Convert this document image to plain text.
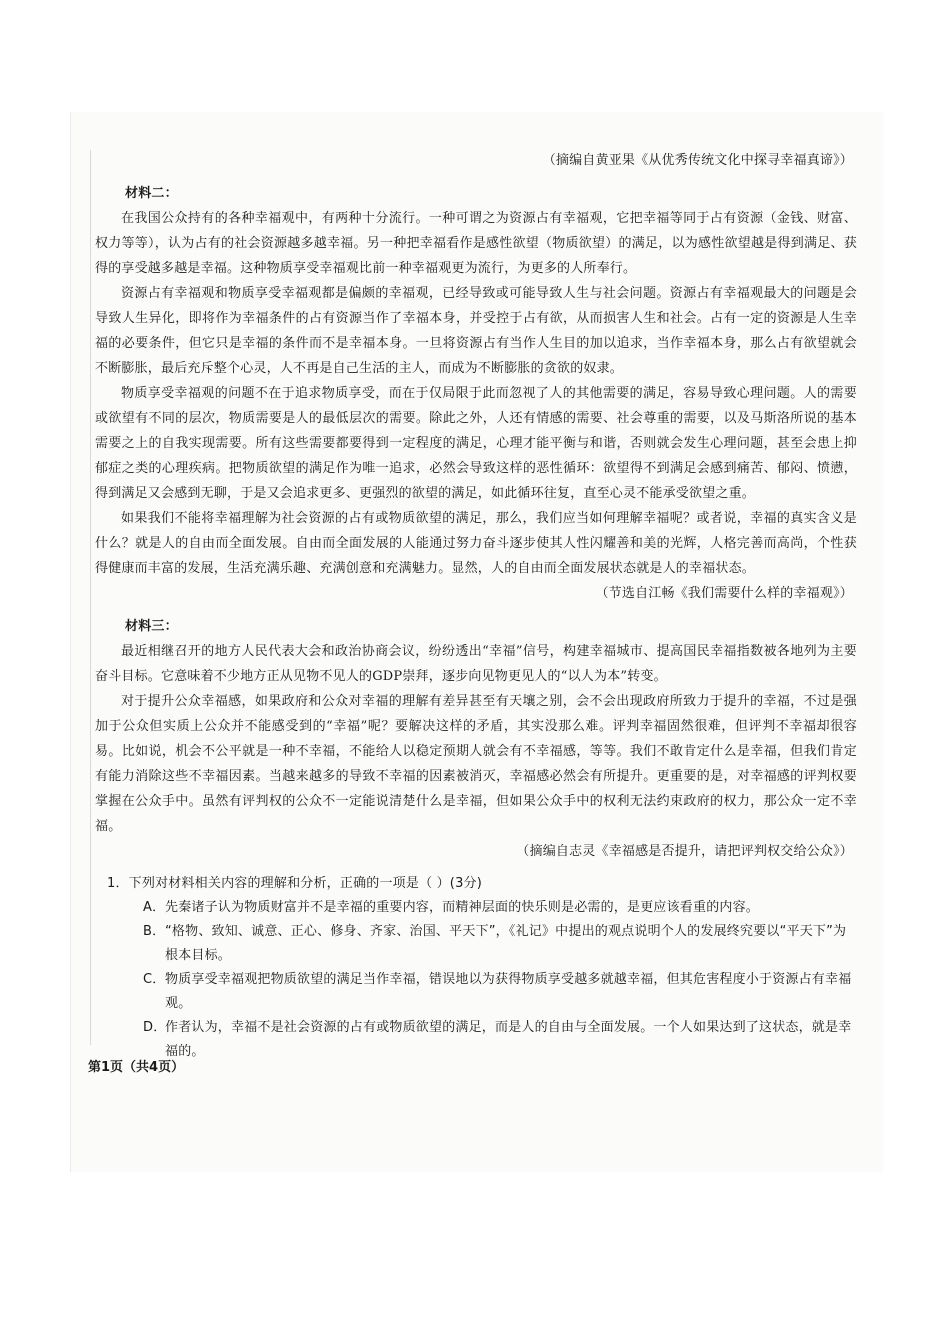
（摘编自黄亚果《从优秀传统文化中探寻幸福真谛》）
材料二：

在我国公众持有的各种幸福观中，有两种十分流行。一种可谓之为资源占有幸福观，它把幸福等同于占有资源（金钱、财富、权力等等），认为占有的社会资源越多越幸福。另一种把幸福看作是感性欲望（物质欲望）的满足，以为感性欲望越是得到满足、获得的享受越多越是幸福。这种物质享受幸福观比前一种幸福观更为流行，为更多的人所奉行。

资源占有幸福观和物质享受幸福观都是偏颇的幸福观，已经导致或可能导致人生与社会问题。资源占有幸福观最大的问题是会导致人生异化，即将作为幸福条件的占有资源当作了幸福本身，并受控于占有欲，从而损害人生和社会。占有一定的资源是人生幸福的必要条件，但它只是幸福的条件而不是幸福本身。一旦将资源占有当作人生目的加以追求，当作幸福本身，那么占有欲望就会不断膨胀，最后充斥整个心灵，人不再是自己生活的主人，而成为不断膨胀的贪欲的奴隶。

物质享受幸福观的问题不在于追求物质享受，而在于仅局限于此而忽视了人的其他需要的满足，容易导致心理问题。人的需要或欲望有不同的层次，物质需要是人的最低层次的需要。除此之外，人还有情感的需要、社会尊重的需要，以及马斯洛所说的基本需要之上的自我实现需要。所有这些需要都要得到一定程度的满足，心理才能平衡与和谐，否则就会发生心理问题，甚至会患上抑郁症之类的心理疾病。把物质欲望的满足作为唯一追求，必然会导致这样的恶性循环：欲望得不到满足会感到痛苦、郁闷、愤懑，得到满足又会感到无聊，于是又会追求更多、更强烈的欲望的满足，如此循环往复，直至心灵不能承受欲望之重。

如果我们不能将幸福理解为社会资源的占有或物质欲望的满足，那么，我们应当如何理解幸福呢？或者说，幸福的真实含义是什么？就是人的自由而全面发展。自由而全面发展的人能通过努力奋斗逐步使其人性闪耀善和美的光辉，人格完善而高尚，个性获得健康而丰富的发展，生活充满乐趣、充满创意和充满魅力。显然，人的自由而全面发展状态就是人的幸福状态。

（节选自江畅《我们需要什么样的幸福观》）
材料三：

最近相继召开的地方人民代表大会和政治协商会议，纷纷透出“幸福”信号，构建幸福城市、提高国民幸福指数被各地列为主要奋斗目标。它意味着不少地方正从见物不见人的GDP崇拜，逐步向见物更见人的“以人为本”转变。

对于提升公众幸福感，如果政府和公众对幸福的理解有差异甚至有天壤之别，会不会出现政府所致力于提升的幸福，不过是强加于公众但实质上公众并不能感受到的“幸福”呢？要解决这样的矛盾，其实没那么难。评判幸福固然很难，但评判不幸福却很容易。比如说，机会不公平就是一种不幸福，不能给人以稳定预期人就会有不幸福感，等等。我们不敢肯定什么是幸福，但我们肯定有能力消除这些不幸福因素。当越来越多的导致不幸福的因素被消灭，幸福感必然会有所提升。更重要的是，对幸福感的评判权要掌握在公众手中。虽然有评判权的公众不一定能说清楚什么是幸福，但如果公众手中的权利无法约束政府的权力，那公众一定不幸福。

（摘编自志灵《幸福感是否提升，请把评判权交给公众》）
1．下列对材料相关内容的理解和分析，正确的一项是（ ）(3分)
A． 先秦诸子认为物质财富并不是幸福的重要内容，而精神层面的快乐则是必需的，是更应该看重的内容。
B． “格物、致知、诚意、正心、修身、齐家、治国、平天下”，《礼记》中提出的观点说明个人的发展终究要以“平天下”为根本目标。
C． 物质享受幸福观把物质欲望的满足当作幸福，错误地以为获得物质享受越多就越幸福，但其危害程度小于资源占有幸福观。
D．
作者认为，幸福不是社会资源的占有或物质欲望的满足，而是人的自由与全面发展。一个人如果达到了这状态，就是幸福的。
第1页（共4页）
